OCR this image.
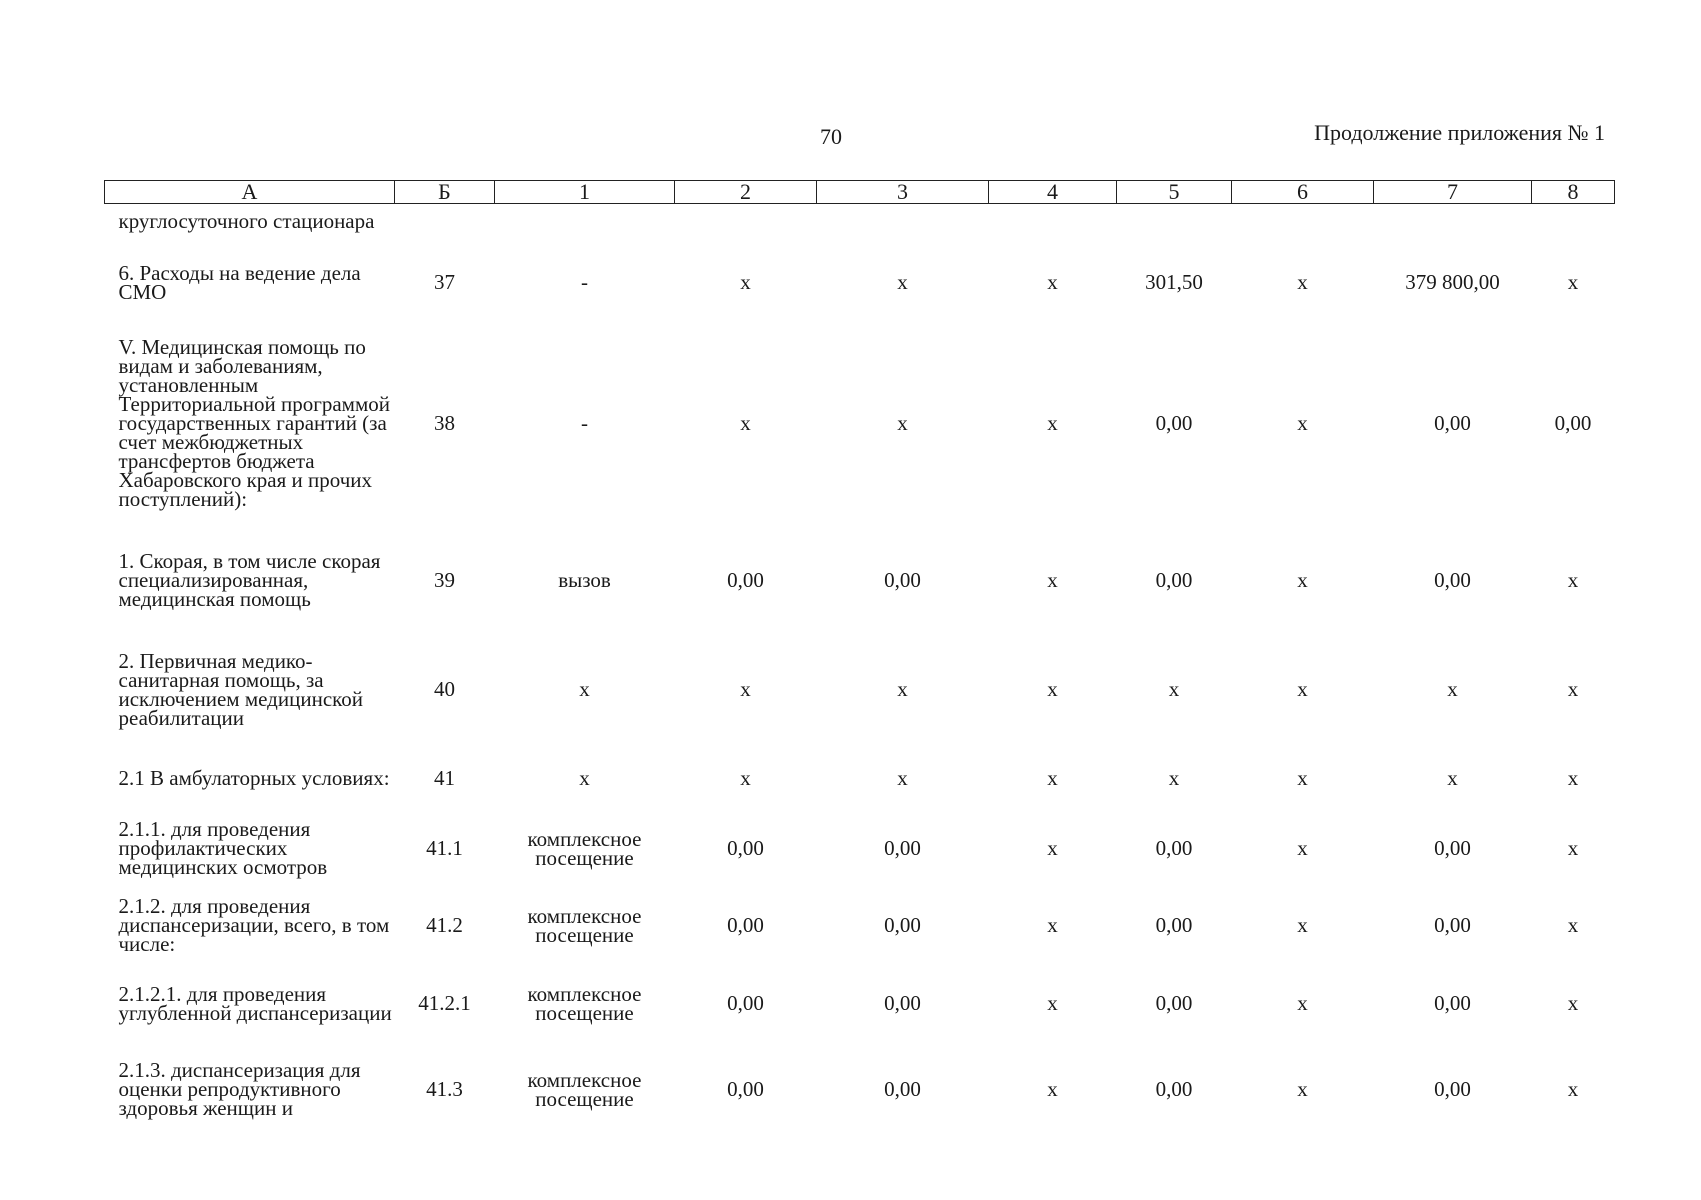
70	Продолжение приложения № 1
А	Б	1	2	3	4	5	6	7	8
круглосуточного стационара									

6. Расходы на ведение дела СМО	37	-	х	х	х	301,50	х	379 800,00	х

V. Медицинская помощь по видам и заболеваниям, установленным Территориальной программой государственных гарантий (за счет межбюджетных трансфертов бюджета Хабаровского края и прочих поступлений):	38	-	х	х	х	0,00	х	0,00	0,00

1. Скорая, в том числе скорая специализированная, медицинская помощь	39	вызов	0,00	0,00	х	0,00	х	0,00	х

2. Первичная медико-санитарная помощь, за исключением медицинской реабилитации	40	х	х	х	х	х	х	х	х

2.1 В амбулаторных условиях:	41	х	х	х	х	х	х	х	х

2.1.1. для проведения профилактических медицинских осмотров	41.1	комплексное посещение	0,00	0,00	х	0,00	х	0,00	х

2.1.2. для проведения диспансеризации, всего, в том числе:	41.2	комплексное посещение	0,00	0,00	х	0,00	х	0,00	х

2.1.2.1. для проведения углубленной диспансеризации	41.2.1	комплексное посещение	0,00	0,00	х	0,00	х	0,00	х

2.1.3. диспансеризация для оценки репродуктивного здоровья женщин и	41.3	комплексное посещение	0,00	0,00	х	0,00	х	0,00	х
